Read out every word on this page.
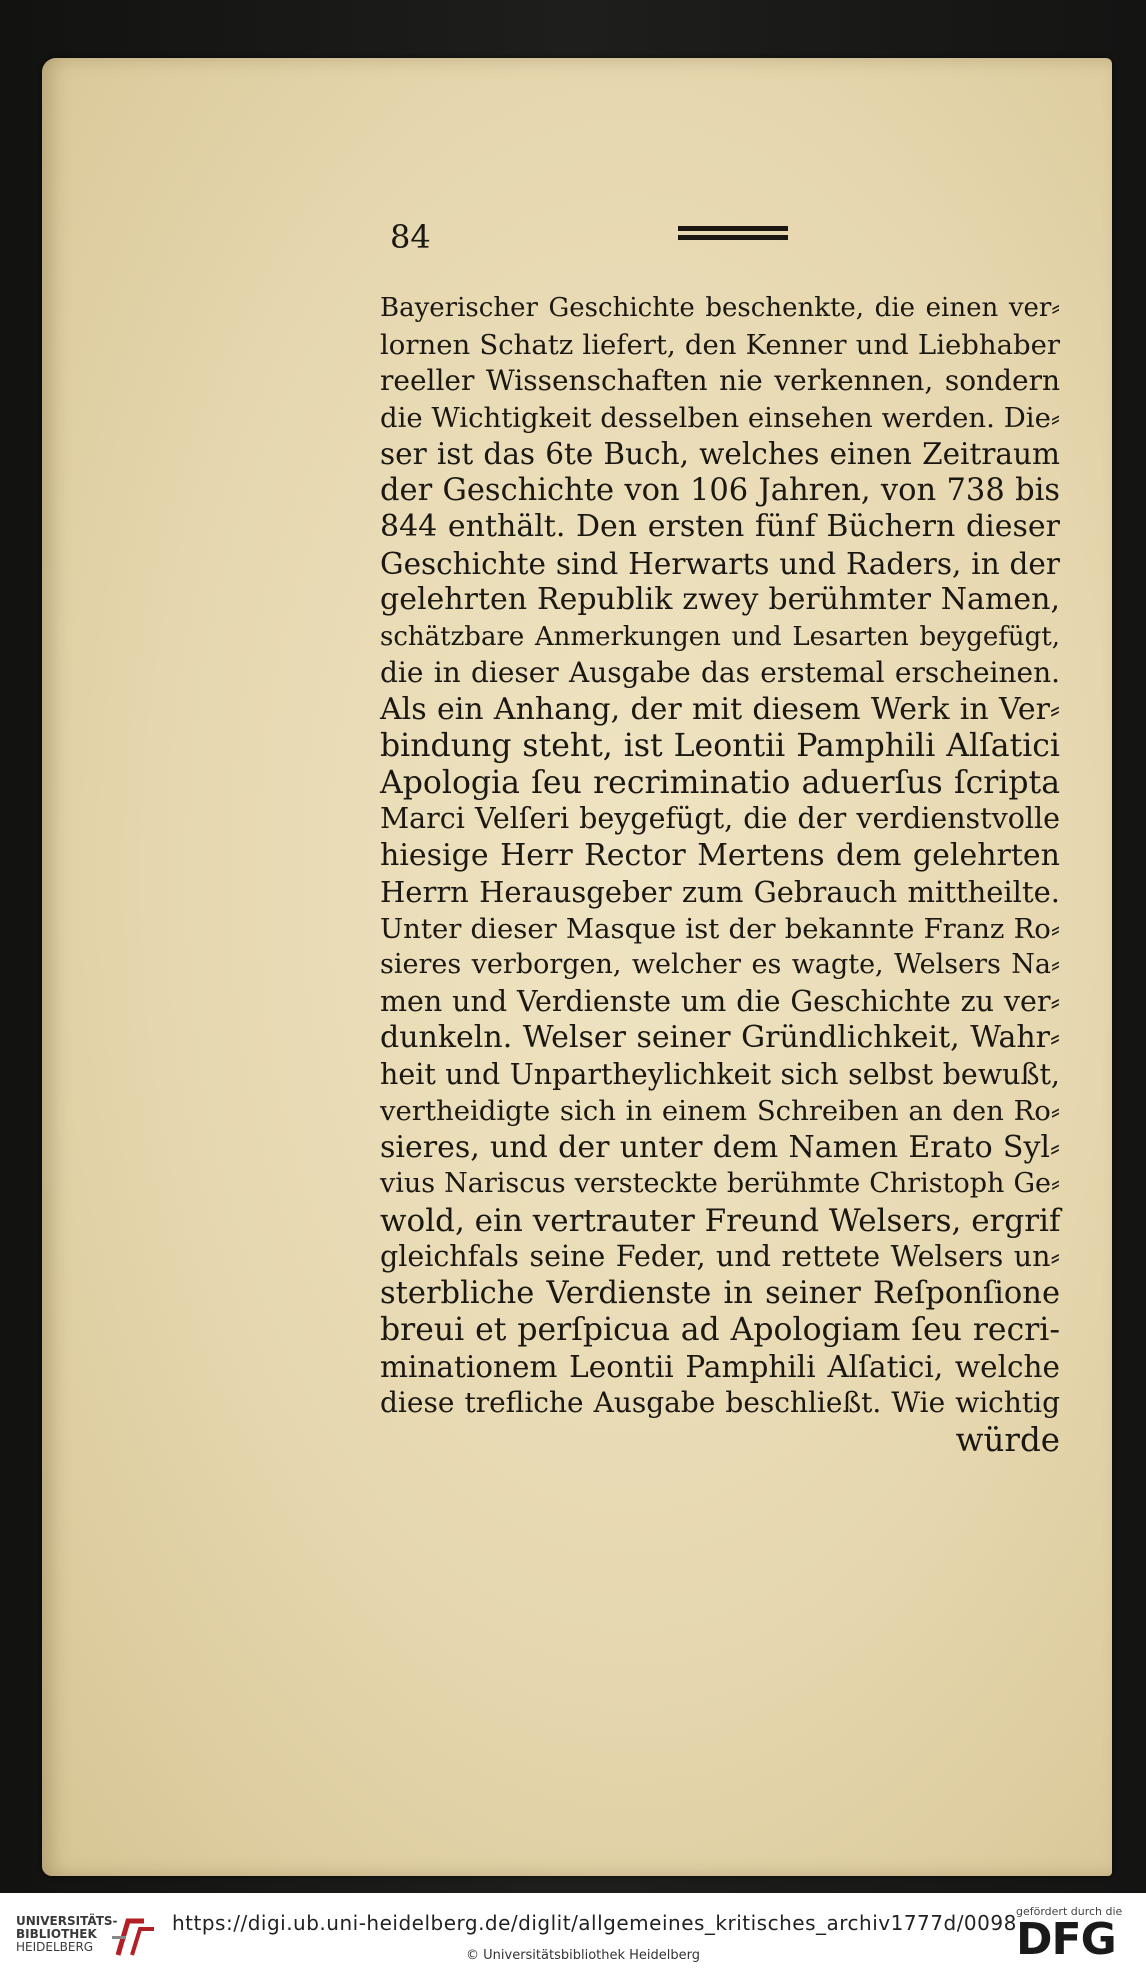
84
Bayerischer Geschichte beschenkte, die einen ver⸗
lornen Schatz liefert, den Kenner und Liebhaber
reeller Wissenschaften nie verkennen, sondern
die Wichtigkeit desselben einsehen werden. Die⸗
ser ist das 6te Buch, welches einen Zeitraum
der Geschichte von 106 Jahren, von 738 bis
844 enthält. Den ersten fünf Büchern dieser
Geschichte sind Herwarts und Raders, in der
gelehrten Republik zwey berühmter Namen,
schätzbare Anmerkungen und Lesarten beygefügt,
die in dieser Ausgabe das erstemal erscheinen.
Als ein Anhang, der mit diesem Werk in Ver⸗
bindung steht, ist Leontii Pamphili Alſatici
Apologia ſeu recriminatio aduerſus ſcripta
Marci Velſeri beygefügt, die der verdienstvolle
hiesige Herr Rector Mertens dem gelehrten
Herrn Herausgeber zum Gebrauch mittheilte.
Unter dieser Masque ist der bekannte Franz Ro⸗
sieres verborgen, welcher es wagte, Welsers Na⸗
men und Verdienste um die Geschichte zu ver⸗
dunkeln. Welser seiner Gründlichkeit, Wahr⸗
heit und Unpartheylichkeit sich selbst bewußt,
vertheidigte sich in einem Schreiben an den Ro⸗
sieres, und der unter dem Namen Erato Syl⸗
vius Nariscus versteckte berühmte Christoph Ge⸗
wold, ein vertrauter Freund Welsers, ergrif
gleichfals seine Feder, und rettete Welsers un⸗
sterbliche Verdienste in seiner Reſponſione
breui et perſpicua ad Apologiam ſeu recri-
minationem Leontii Pamphili Alſatici, welche
diese trefliche Ausgabe beschließt. Wie wichtig
würde
UNIVERSITÄTS-
BIBLIOTHEK
HEIDELBERG
https://digi.ub.uni-heidelberg.de/diglit/allgemeines_kritisches_archiv1777d/0098
© Universitätsbibliothek Heidelberg
gefördert durch die
DFG
